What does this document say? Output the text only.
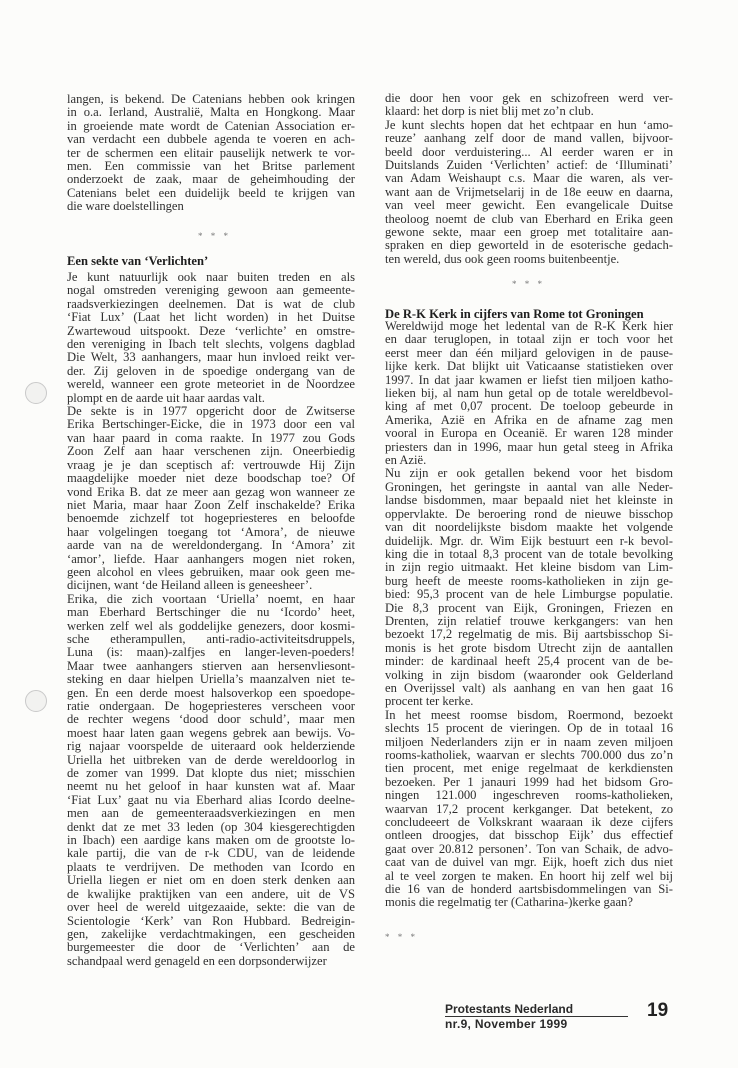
langen, is bekend. De Catenians hebben ook kringen
in o.a. Ierland, Australië, Malta en Hongkong. Maar
in groeiende mate wordt de Catenian Association er-
van verdacht een dubbele agenda te voeren en ach-
ter de schermen een elitair pauselijk netwerk te vor-
men. Een commissie van het Britse parlement
onderzoekt de zaak, maar de geheimhouding der
Catenians belet een duidelijk beeld te krijgen van
die ware doelstellingen
* * *
Een sekte van ‘Verlichten’
Je kunt natuurlijk ook naar buiten treden en als
nogal omstreden vereniging gewoon aan gemeente-
raadsverkiezingen deelnemen. Dat is wat de club
‘Fiat Lux’ (Laat het licht worden) in het Duitse
Zwartewoud uitspookt. Deze ‘verlichte’ en omstre-
den vereniging in Ibach telt slechts, volgens dagblad
Die Welt, 33 aanhangers, maar hun invloed reikt ver-
der. Zij geloven in de spoedige ondergang van de
wereld, wanneer een grote meteoriet in de Noordzee
plompt en de aarde uit haar aardas valt.
De sekte is in 1977 opgericht door de Zwitserse
Erika Bertschinger-Eicke, die in 1973 door een val
van haar paard in coma raakte. In 1977 zou Gods
Zoon Zelf aan haar verschenen zijn. Oneerbiedig
vraag je je dan sceptisch af: vertrouwde Hij Zijn
maagdelijke moeder niet deze boodschap toe? Of
vond Erika B. dat ze meer aan gezag won wanneer ze
niet Maria, maar haar Zoon Zelf inschakelde? Erika
benoemde zichzelf tot hogepriesteres en beloofde
haar volgelingen toegang tot ‘Amora’, de nieuwe
aarde van na de wereldondergang. In ‘Amora’ zit
‘amor’, liefde. Haar aanhangers mogen niet roken,
geen alcohol en vlees gebruiken, maar ook geen me-
dicijnen, want ‘de Heiland alleen is geneesheer’.
Erika, die zich voortaan ‘Uriella’ noemt, en haar
man Eberhard Bertschinger die nu ‘Icordo’ heet,
werken zelf wel als goddelijke genezers, door kosmi-
sche etherampullen, anti-radio-activiteitsdruppels,
Luna (is: maan)-zalfjes en langer-leven-poeders!
Maar twee aanhangers stierven aan hersenvliesont-
steking en daar hielpen Uriella’s maanzalven niet te-
gen. En een derde moest halsoverkop een spoedope-
ratie ondergaan. De hogepriesteres verscheen voor
de rechter wegens ‘dood door schuld’, maar men
moest haar laten gaan wegens gebrek aan bewijs. Vo-
rig najaar voorspelde de uiteraard ook helderziende
Uriella het uitbreken van de derde wereldoorlog in
de zomer van 1999. Dat klopte dus niet; misschien
neemt nu het geloof in haar kunsten wat af. Maar
‘Fiat Lux’ gaat nu via Eberhard alias Icordo deelne-
men aan de gemeenteraadsverkiezingen en men
denkt dat ze met 33 leden (op 304 kiesgerechtigden
in Ibach) een aardige kans maken om de grootste lo-
kale partij, die van de r-k CDU, van de leidende
plaats te verdrijven. De methoden van Icordo en
Uriella liegen er niet om en doen sterk denken aan
de kwalijke praktijken van een andere, uit de VS
over heel de wereld uitgezaaide, sekte: die van de
Scientologie ‘Kerk’ van Ron Hubbard. Bedreigin-
gen, zakelijke verdachtmakingen, een gescheiden
burgemeester die door de ‘Verlichten’ aan de
schandpaal werd genageld en een dorpsonderwijzer
die door hen voor gek en schizofreen werd ver-
klaard: het dorp is niet blij met zo’n club.
Je kunt slechts hopen dat het echtpaar en hun ‘amo-
reuze’ aanhang zelf door de mand vallen, bijvoor-
beeld door verduistering... Al eerder waren er in
Duitslands Zuiden ‘Verlichten’ actief: de ‘Illuminati’
van Adam Weishaupt c.s. Maar die waren, als ver-
want aan de Vrijmetselarij in de 18e eeuw en daarna,
van veel meer gewicht. Een evangelicale Duitse
theoloog noemt de club van Eberhard en Erika geen
gewone sekte, maar een groep met totalitaire aan-
spraken en diep geworteld in de esoterische gedach-
ten wereld, dus ook geen rooms buitenbeentje.
* * *
De R-K Kerk in cijfers van Rome tot Groningen
Wereldwijd moge het ledental van de R-K Kerk hier
en daar teruglopen, in totaal zijn er toch voor het
eerst meer dan één miljard gelovigen in de pause-
lijke kerk. Dat blijkt uit Vaticaanse statistieken over
1997. In dat jaar kwamen er liefst tien miljoen katho-
lieken bij, al nam hun getal op de totale wereldbevol-
king af met 0,07 procent. De toeloop gebeurde in
Amerika, Azië en Afrika en de afname zag men
vooral in Europa en Oceanië. Er waren 128 minder
priesters dan in 1996, maar hun getal steeg in Afrika
en Azië.
Nu zijn er ook getallen bekend voor het bisdom
Groningen, het geringste in aantal van alle Neder-
landse bisdommen, maar bepaald niet het kleinste in
oppervlakte. De beroering rond de nieuwe bisschop
van dit noordelijkste bisdom maakte het volgende
duidelijk. Mgr. dr. Wim Eijk bestuurt een r-k bevol-
king die in totaal 8,3 procent van de totale bevolking
in zijn regio uitmaakt. Het kleine bisdom van Lim-
burg heeft de meeste rooms-katholieken in zijn ge-
bied: 95,3 procent van de hele Limburgse populatie.
Die 8,3 procent van Eijk, Groningen, Friezen en
Drenten, zijn relatief trouwe kerkgangers: van hen
bezoekt 17,2 regelmatig de mis. Bij aartsbisschop Si-
monis is het grote bisdom Utrecht zijn de aantallen
minder: de kardinaal heeft 25,4 procent van de be-
volking in zijn bisdom (waaronder ook Gelderland
en Overijssel valt) als aanhang en van hen gaat 16
procent ter kerke.
In het meest roomse bisdom, Roermond, bezoekt
slechts 15 procent de vieringen. Op de in totaal 16
miljoen Nederlanders zijn er in naam zeven miljoen
rooms-katholiek, waarvan er slechts 700.000 dus zo’n
tien procent, met enige regelmaat de kerkdiensten
bezoeken. Per 1 janauri 1999 had het bidsom Gro-
ningen 121.000 ingeschreven rooms-katholieken,
waarvan 17,2 procent kerkganger. Dat betekent, zo
concludeeert de Volkskrant waaraan ik deze cijfers
ontleen droogjes, dat bisschop Eijk’ dus effectief
gaat over 20.812 personen’. Ton van Schaik, de advo-
caat van de duivel van mgr. Eijk, hoeft zich dus niet
al te veel zorgen te maken. En hoort hij zelf wel bij
die 16 van de honderd aartsbisdommelingen van Si-
monis die regelmatig ter (Catharina-)kerke gaan?
* * *
Protestants Nederland
nr.9, November 1999
19
